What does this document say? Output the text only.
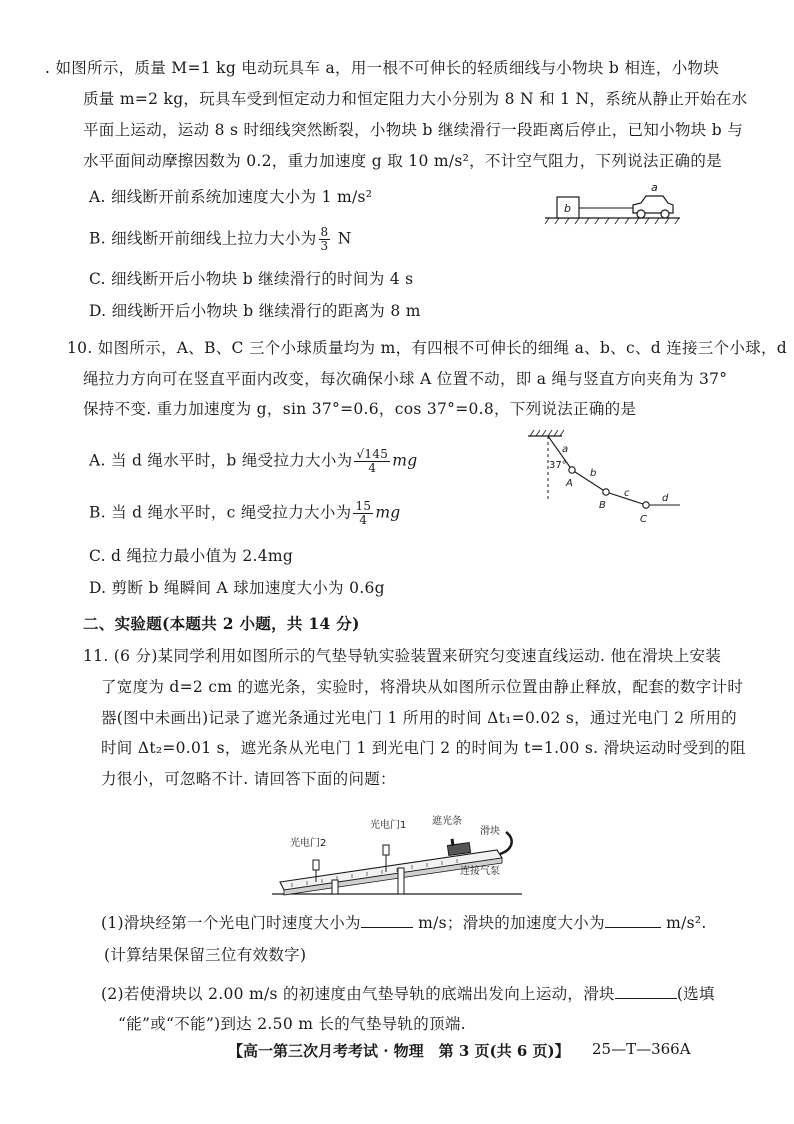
. 如图所示，质量 M=1 kg 电动玩具车 a，用一根不可伸长的轻质细线与小物块 b 相连，小物块
质量 m=2 kg，玩具车受到恒定动力和恒定阻力大小分别为 8 N 和 1 N，系统从静止开始在水
平面上运动，运动 8 s 时细线突然断裂，小物块 b 继续滑行一段距离后停止，已知小物块 b 与
水平面间动摩擦因数为 0.2，重力加速度 g 取 10 m/s²，不计空气阻力，下列说法正确的是
A. 细线断开前系统加速度大小为 1 m/s²
B. 细线断开前细线上拉力大小为 $\frac{8}{3}$ N
C. 细线断开后小物块 b 继续滑行的时间为 4 s
D. 细线断开后小物块 b 继续滑行的距离为 8 m
b
a
10. 如图所示，A、B、C 三个小球质量均为 m，有四根不可伸长的细绳 a、b、c、d 连接三个小球，d
绳拉力方向可在竖直平面内改变，每次确保小球 A 位置不动，即 a 绳与竖直方向夹角为 37°
保持不变. 重力加速度为 g，sin 37°=0.6，cos 37°=0.8，下列说法正确的是
A. 当 d 绳水平时，b 绳受拉力大小为 $\frac{√145}{4}$ mg
B. 当 d 绳水平时，c 绳受拉力大小为 $\frac{15}{4}$ mg
C. d 绳拉力最小值为 2.4mg
D. 剪断 b 绳瞬间 A 球加速度大小为 0.6g
37°
a
b
c	d
A
B
C
二、实验题(本题共 2 小题，共 14 分)
11. (6 分)某同学利用如图所示的气垫导轨实验装置来研究匀变速直线运动. 他在滑块上安装
了宽度为 d=2 cm 的遮光条，实验时，将滑块从如图所示位置由静止释放，配套的数字计时
器(图中未画出)记录了遮光条通过光电门 1 所用的时间 Δt₁=0.02 s，通过光电门 2 所用的
时间 Δt₂=0.01 s，遮光条从光电门 1 到光电门 2 的时间为 t=1.00 s. 滑块运动时受到的阻
力很小，可忽略不计. 请回答下面的问题：
光电门2
光电门1	遮光条
滑块
连接气泵
(1)滑块经第一个光电门时速度大小为	m/s；滑块的加速度大小为	m/s².
(计算结果保留三位有效数字)
(2)若使滑块以 2.00 m/s 的初速度由气垫导轨的底端出发向上运动，滑块	(选填
“能”或“不能”)到达 2.50 m 长的气垫导轨的顶端.
【高一第三次月考考试 · 物理　第 3 页(共 6 页)】 25—T—366A
